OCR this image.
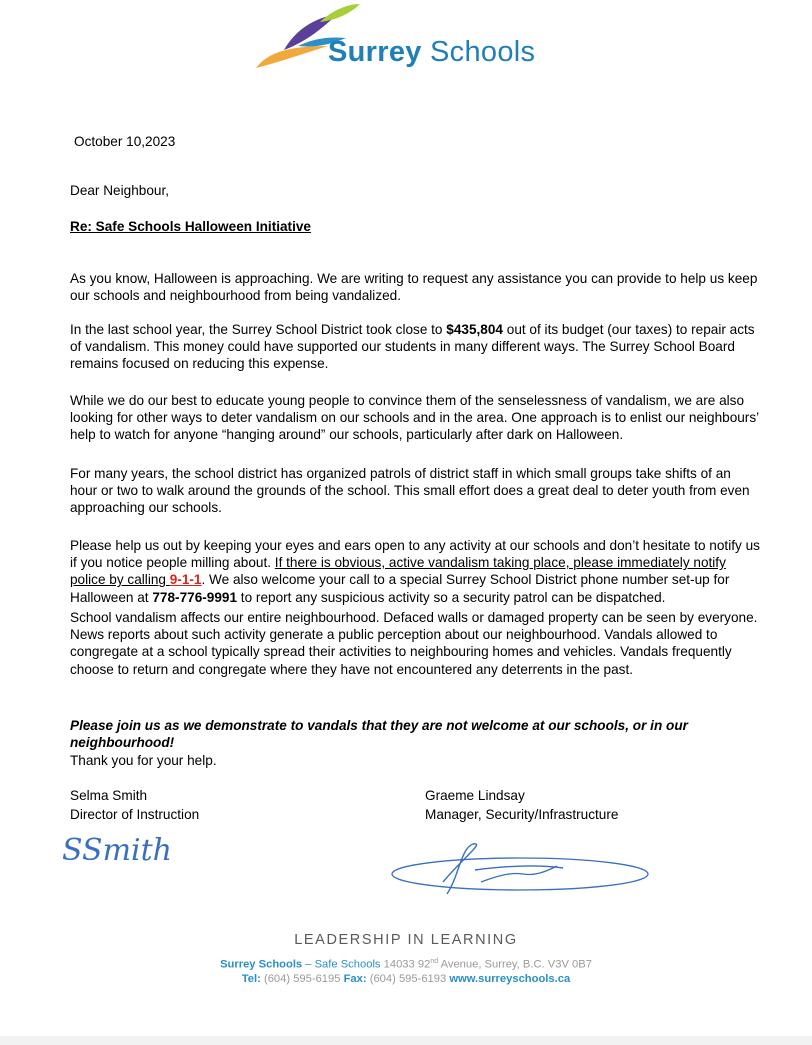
Surrey Schools
October 10,2023
Dear Neighbour,
Re: Safe Schools Halloween Initiative

As you know, Halloween is approaching. We are writing to request any assistance you can provide to help us keep our schools and neighbourhood from being vandalized.

In the last school year, the Surrey School District took close to $435,804 out of its budget (our taxes) to repair acts of vandalism. This money could have supported our students in many different ways. The Surrey School Board remains focused on reducing this expense.

While we do our best to educate young people to convince them of the senselessness of vandalism, we are also looking for other ways to deter vandalism on our schools and in the area. One approach is to enlist our neighbours’ help to watch for anyone “hanging around” our schools, particularly after dark on Halloween.

For many years, the school district has organized patrols of district staff in which small groups take shifts of an hour or two to walk around the grounds of the school. This small effort does a great deal to deter youth from even approaching our schools.

Please help us out by keeping your eyes and ears open to any activity at our schools and don’t hesitate to notify us if you notice people milling about. If there is obvious, active vandalism taking place, please immediately notify police by calling 9-1-1. We also welcome your call to a special Surrey School District phone number set-up for Halloween at 778-776-9991 to report any suspicious activity so a security patrol can be dispatched.

School vandalism affects our entire neighbourhood. Defaced walls or damaged property can be seen by everyone. News reports about such activity generate a public perception about our neighbourhood. Vandals allowed to congregate at a school typically spread their activities to neighbouring homes and vehicles. Vandals frequently choose to return and congregate where they have not encountered any deterrents in the past.

Please join us as we demonstrate to vandals that they are not welcome at our schools, or in our neighbourhood!

Thank you for your help.

Selma Smith
Director of Instruction
Graeme Lindsay
Manager, Security/Infrastructure
SSmith
LEADERSHIP IN LEARNING
Surrey Schools – Safe Schools 14033 92nd Avenue, Surrey, B.C. V3V 0B7
Tel: (604) 595-6195 Fax: (604) 595-6193 www.surreyschools.ca
